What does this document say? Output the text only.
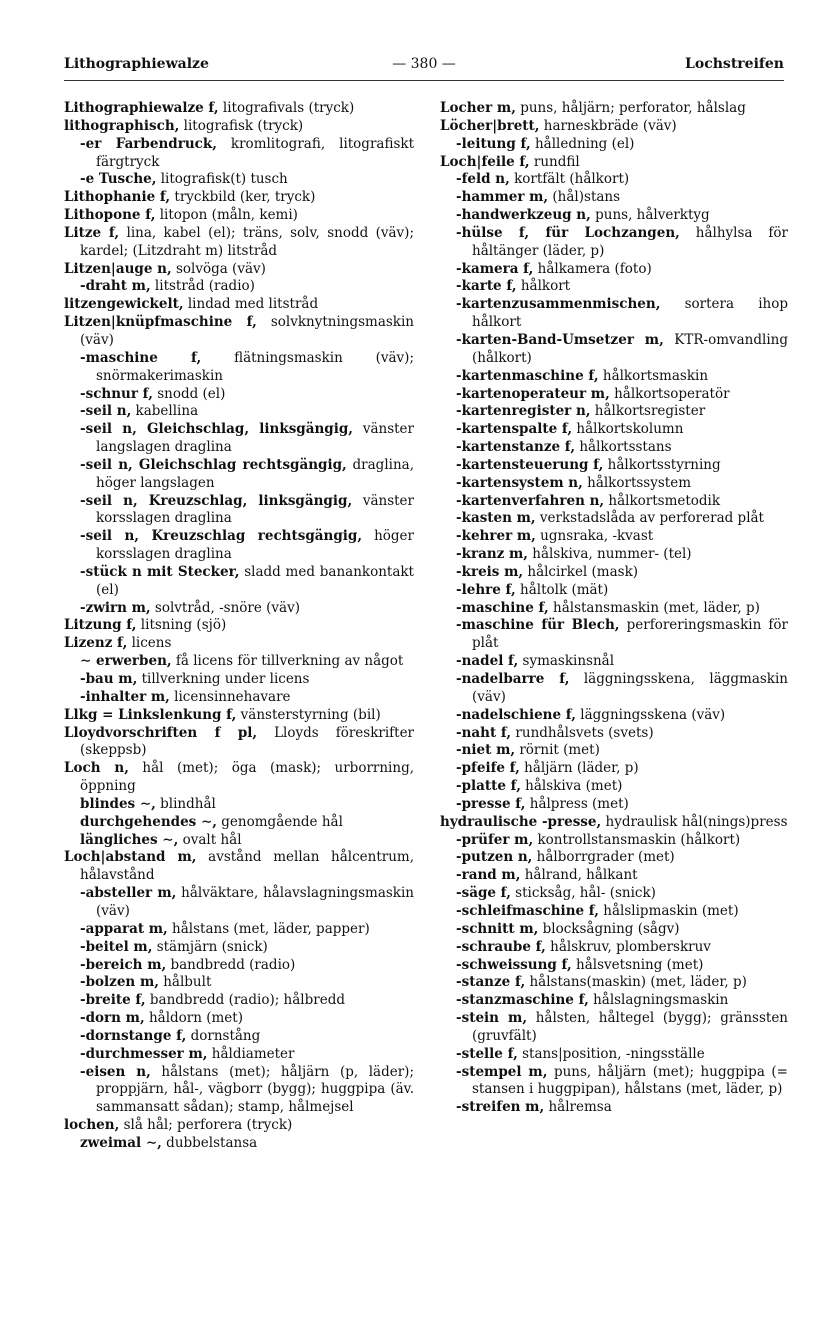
Lithographiewalze	— 380 —	Lochstreifen

Lithographiewalze f, litografivals (tryck)

lithographisch, litografisk (tryck)

-er Farbendruck, kromlitografi, litografiskt färgtryck

-e Tusche, litografisk(t) tusch

Lithophanie f, tryckbild (ker, tryck)

Lithopone f, litopon (måln, kemi)

Litze f, lina, kabel (el); träns, solv, snodd (väv); kardel; (Litzdraht m) litstråd

Litzen|auge n, solvöga (väv)

-draht m, litstråd (radio)

litzengewickelt, lindad med litstråd

Litzen|knüpfmaschine f, solvknytningsmaskin (väv)

-maschine f, flätningsmaskin (väv); snörmakerimaskin

-schnur f, snodd (el)

-seil n, kabellina

-seil n, Gleichschlag, linksgängig, vänster langslagen draglina

-seil n, Gleichschlag rechtsgängig, draglina, höger langslagen

-seil n, Kreuzschlag, linksgängig, vänster korsslagen draglina

-seil n, Kreuzschlag rechtsgängig, höger korsslagen draglina

-stück n mit Stecker, sladd med banankontakt (el)

-zwirn m, solvtråd, -snöre (väv)

Litzung f, litsning (sjö)

Lizenz f, licens

∼ erwerben, få licens för tillverkning av något

-bau m, tillverkning under licens

-inhalter m, licensinnehavare

Llkg = Linkslenkung f, vänsterstyrning (bil)

Lloydvorschriften f pl, Lloyds föreskrifter (skeppsb)

Loch n, hål (met); öga (mask); urborrning, öppning

blindes ∼, blindhål

durchgehendes ∼, genomgående hål

längliches ∼, ovalt hål

Loch|abstand m, avstånd mellan hålcentrum, hålavstånd

-absteller m, hålväktare, hålavslagningsmaskin (väv)

-apparat m, hålstans (met, läder, papper)

-beitel m, stämjärn (snick)

-bereich m, bandbredd (radio)

-bolzen m, hålbult

-breite f, bandbredd (radio); hålbredd

-dorn m, håldorn (met)

-dornstange f, dornstång

-durchmesser m, håldiameter

-eisen n, hålstans (met); håljärn (p, läder); proppjärn, hål-, vägborr (bygg); huggpipa (äv. sammansatt sådan); stamp, hålmejsel

lochen, slå hål; perforera (tryck)

zweimal ∼, dubbelstansa

Locher m, puns, håljärn; perforator, hålslag

Löcher|brett, harneskbräde (väv)

-leitung f, hålledning (el)

Loch|feile f, rundfil

-feld n, kortfält (hålkort)

-hammer m, (hål)stans

-handwerkzeug n, puns, hålverktyg

-hülse f, für Lochzangen, hålhylsa för håltänger (läder, p)

-kamera f, hålkamera (foto)

-karte f, hålkort

-kartenzusammenmischen, sortera ihop hålkort

-karten-Band-Umsetzer m, KTR-omvandling (hålkort)

-kartenmaschine f, hålkortsmaskin

-kartenoperateur m, hålkortsoperatör

-kartenregister n, hålkortsregister

-kartenspalte f, hålkortskolumn

-kartenstanze f, hålkortsstans

-kartensteuerung f, hålkortsstyrning

-kartensystem n, hålkortssystem

-kartenverfahren n, hålkortsmetodik

-kasten m, verkstadslåda av perforerad plåt

-kehrer m, ugnsraka, -kvast

-kranz m, hålskiva, nummer- (tel)

-kreis m, hålcirkel (mask)

-lehre f, håltolk (mät)

-maschine f, hålstansmaskin (met, läder, p)

-maschine für Blech, perforeringsmaskin för plåt

-nadel f, symaskinsnål

-nadelbarre f, läggningsskena, läggmaskin (väv)

-nadelschiene f, läggningsskena (väv)

-naht f, rundhålsvets (svets)

-niet m, rörnit (met)

-pfeife f, håljärn (läder, p)

-platte f, hålskiva (met)

-presse f, hålpress (met)

hydraulische -presse, hydraulisk hål(nings)press

-prüfer m, kontrollstansmaskin (hålkort)

-putzen n, hålborrgrader (met)

-rand m, hålrand, hålkant

-säge f, sticksåg, hål- (snick)

-schleifmaschine f, hålslipmaskin (met)

-schnitt m, blocksågning (sågv)

-schraube f, hålskruv, plomberskruv

-schweissung f, hålsvetsning (met)

-stanze f, hålstans(maskin) (met, läder, p)

-stanzmaschine f, hålslagningsmaskin

-stein m, hålsten, håltegel (bygg); gränssten (gruvfält)

-stelle f, stans|position, -ningsställe

-stempel m, puns, håljärn (met); huggpipa (= stansen i huggpipan), hålstans (met, läder, p)

-streifen m, hålremsa
